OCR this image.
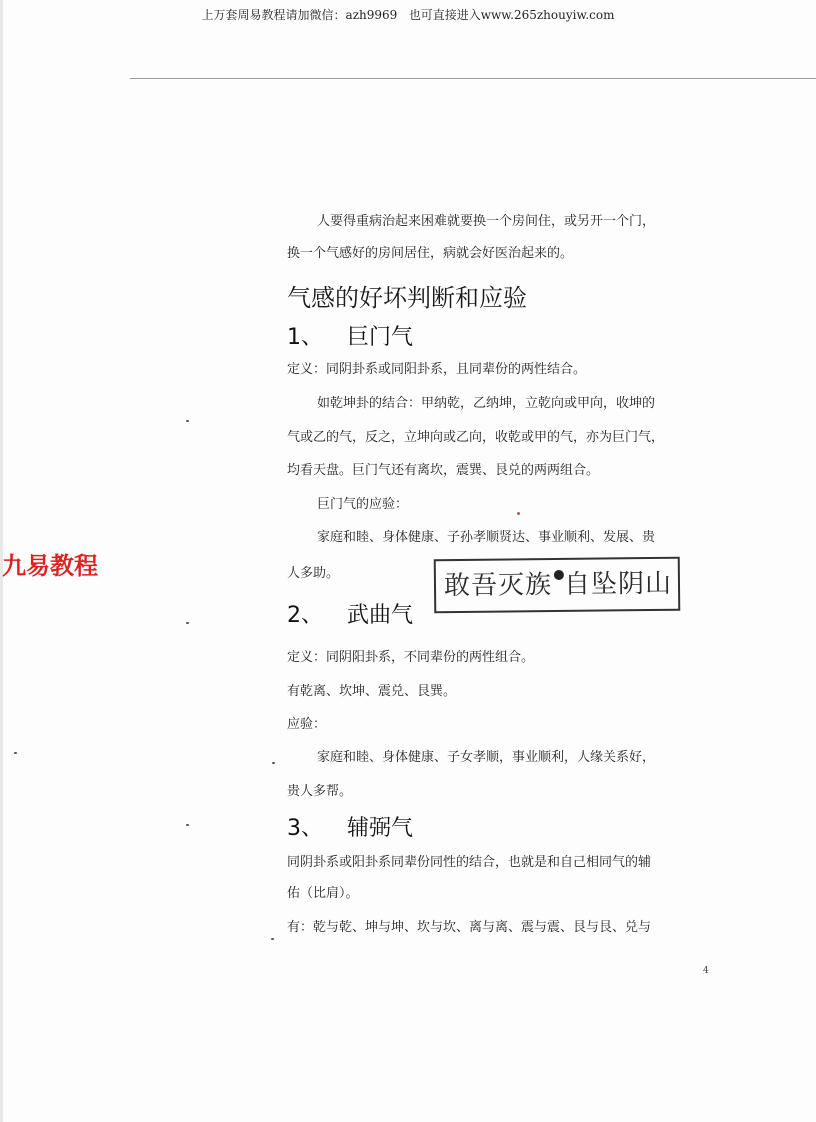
上万套周易教程请加微信：azh9969   也可直接进入www.265zhouyiw.com
人要得重病治起来困难就要换一个房间住，或另开一个门，
换一个气感好的房间居住，病就会好医治起来的。
气感的好坏判断和应验
1、 巨门气
定义：同阴卦系或同阳卦系，且同辈份的两性结合。
如乾坤卦的结合：甲纳乾，乙纳坤，立乾向或甲向，收坤的
气或乙的气，反之，立坤向或乙向，收乾或甲的气，亦为巨门气，
均看天盘。巨门气还有离坎，震巽、艮兑的两两组合。
巨门气的应验：
家庭和睦、身体健康、子孙孝顺贤达、事业顺利、发展、贵
人多助。
九易教程
敢吾灭族 自坠阴山
2、 武曲气
定义：同阴阳卦系，不同辈份的两性组合。
有乾离、坎坤、震兑、艮巽。
应验：
家庭和睦、身体健康、子女孝顺，事业顺利，人缘关系好，
贵人多帮。
3、 辅弼气
同阴卦系或阳卦系同辈份同性的结合，也就是和自己相同气的辅
佑（比肩）。
有：乾与乾、坤与坤、坎与坎、离与离、震与震、艮与艮、兑与
4
